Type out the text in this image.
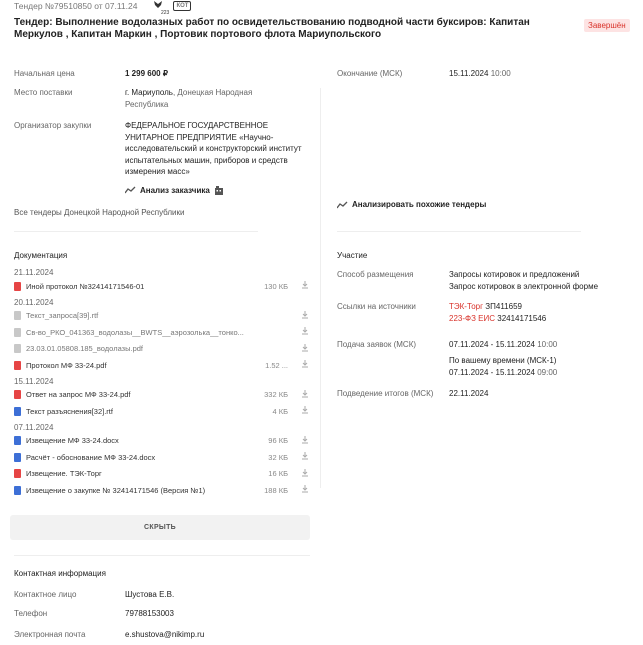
Тендер №79510850 от 07.11.24	КОТ
223
Тендер: Выполнение водолазных работ по освидетельствованию подводной части буксиров: Капитан Меркулов , Капитан Маркин , Портовик портового флота Мариупольского
Завершён
Начальная цена	1 299 600 ₽
Место поставки	г. Мариуполь, Донецкая Народная Республика
Организатор закупки	ФЕДЕРАЛЬНОЕ ГОСУДАРСТВЕННОЕ УНИТАРНОЕ ПРЕДПРИЯТИЕ «Научно-исследовательский и конструкторский институт испытательных машин, приборов и средств измерения масс»
Анализ заказчика
Все тендеры Донецкой Народной Республики
Окончание (МСК)	15.11.2024 10:00
Анализировать похожие тендеры
Документация
21.11.2024
Иной протокол №32414171546-01	130 КБ
20.11.2024
Текст_запроса[39].rtf
Св-во_РКО_041363_водолазы__BWTS__аэрозолька__тонко...
23.03.01.05808.185_водолазы.pdf
Протокол МФ 33-24.pdf	1.52 ...
15.11.2024
Ответ на запрос МФ 33-24.pdf	332 КБ
Текст разъяснения[32].rtf	4 КБ
07.11.2024
Извещение МФ 33-24.docx	96 КБ
Расчёт - обоснование МФ 33-24.docx	32 КБ
Извещение. ТЭК-Торг	16 КБ
Извещение о закупке № 32414171546 (Версия №1)	188 КБ
СКРЫТЬ
Участие
Способ размещения	Запросы котировок и предложений
Запрос котировок в электронной форме
Ссылки на источники	ТЭК-Торг ЗП411659
223-ФЗ ЕИС 32414171546
Подача заявок (МСК)	07.11.2024 - 15.11.2024 10:00
По вашему времени (МСК-1)
07.11.2024 - 15.11.2024 09:00
Подведение итогов (МСК) 22.11.2024
Контактная информация
Контактное лицо	Шустова Е.В.
Телефон	79788153003
Электронная почта	e.shustova@nikimp.ru
